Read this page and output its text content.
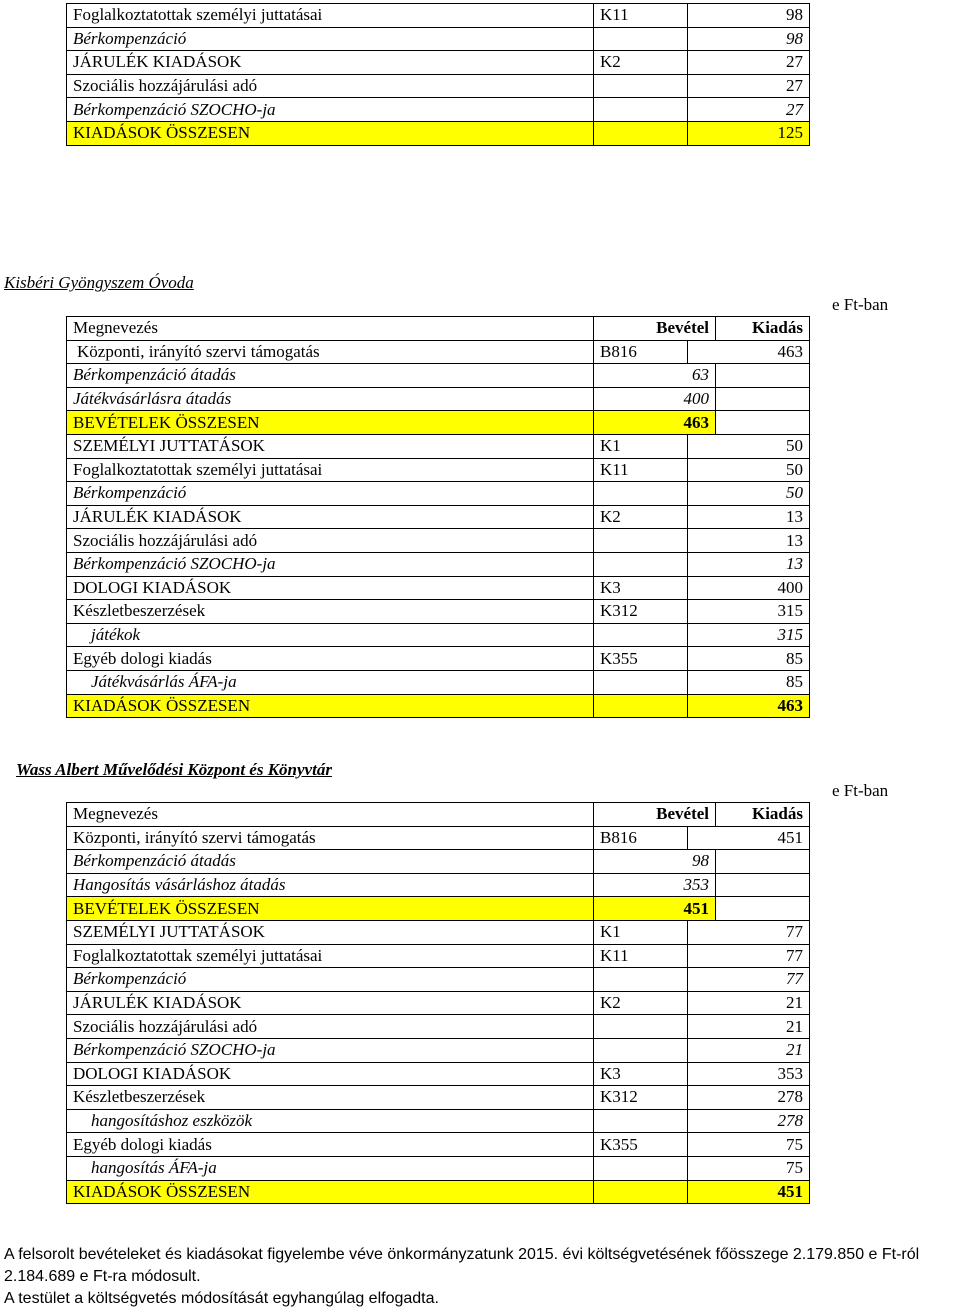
Foglalkoztatottak személyi juttatásai	K11	98
Bérkompenzáció		98
JÁRULÉK KIADÁSOK	K2	27
Szociális hozzájárulási adó		27
Bérkompenzáció SZOCHO-ja		27
KIADÁSOK ÖSSZESEN		125
Kisbéri Gyöngyszem Óvoda
e Ft-ban
Megnevezés	Bevétel		Kiadás
Központi, irányító szervi támogatás	B816	463	
Bérkompenzáció átadás	63		
Játékvásárlásra átadás	400		
BEVÉTELEK ÖSSZESEN	463		
SZEMÉLYI JUTTATÁSOK	K1	50	
Foglalkoztatottak személyi juttatásai	K11	50	
Bérkompenzáció		50	
JÁRULÉK KIADÁSOK	K2	13	
Szociális hozzájárulási adó		13	
Bérkompenzáció SZOCHO-ja		13	
DOLOGI KIADÁSOK	K3	400	
Készletbeszerzések	K312	315	
játékok		315	
Egyéb dologi kiadás	K355	85	
Játékvásárlás ÁFA-ja		85	
KIADÁSOK ÖSSZESEN		463	
Wass Albert Művelődési Központ és Könyvtár
e Ft-ban
Megnevezés	Bevétel		Kiadás
Központi, irányító szervi támogatás	B816	451	
Bérkompenzáció átadás	98		
Hangosítás vásárláshoz átadás	353		
BEVÉTELEK ÖSSZESEN	451		
SZEMÉLYI JUTTATÁSOK	K1	77	
Foglalkoztatottak személyi juttatásai	K11	77	
Bérkompenzáció		77	
JÁRULÉK KIADÁSOK	K2	21	
Szociális hozzájárulási adó		21	
Bérkompenzáció SZOCHO-ja		21	
DOLOGI KIADÁSOK	K3	353	
Készletbeszerzések	K312	278	
hangosításhoz eszközök		278	
Egyéb dologi kiadás	K355	75	
hangosítás ÁFA-ja		75	
KIADÁSOK ÖSSZESEN		451	
A felsorolt bevételeket és kiadásokat figyelembe véve önkormányzatunk 2015. évi költségvetésének főösszege 2.179.850 e Ft-ról 2.184.689 e Ft-ra módosult.
A testület a költségvetés módosítását egyhangúlag elfogadta.
